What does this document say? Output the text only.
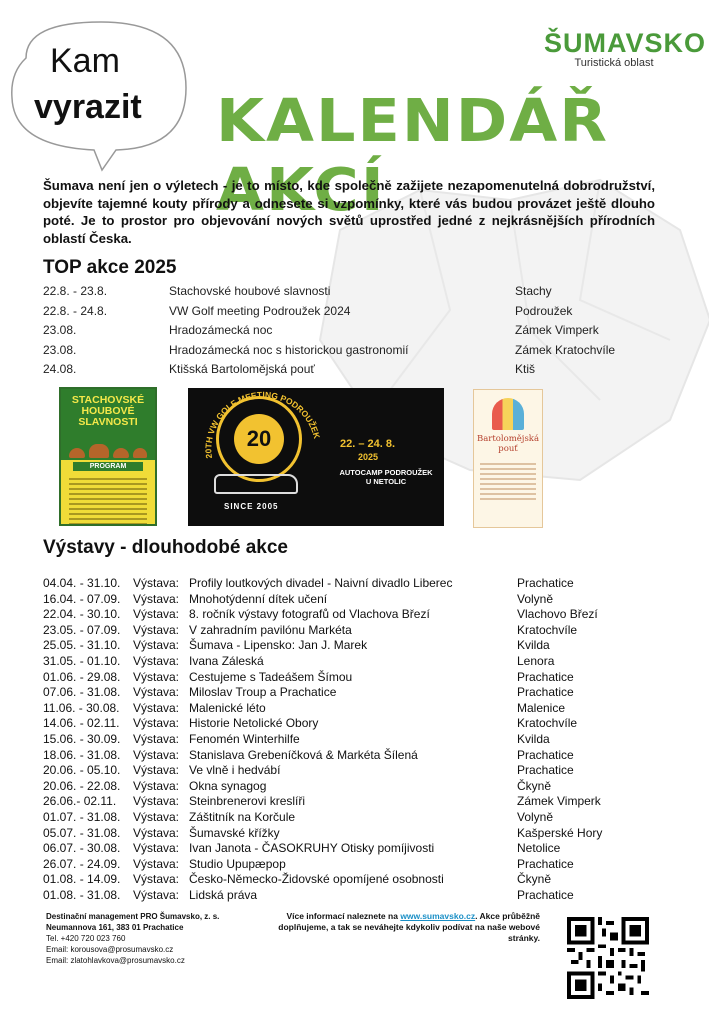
Kam
vyrazit
ŠUMAVSKO
Turistická oblast
KALENDÁŘ AKCÍ
Šumava není jen o výletech - je to místo, kde společně zažijete nezapomenutelná dobrodružství, objevíte tajemné kouty přírody a odnesete si vzpomínky, které vás budou provázet ještě dlouho poté. Je to prostor pro objevování nových světů uprostřed jedné z nejkrásnějších přírodních oblastí Česka.
TOP akce 2025
22.8. - 23.8.	Stachovské houbové slavnosti	Stachy
22.8. - 24.8.	VW Golf meeting Podroužek 2024	Podroužek
23.08.	Hradozámecká noc	Zámek Vimperk
23.08.	Hradozámecká noc s historickou gastronomií	Zámek Kratochvíle
24.08.	Ktišská Bartolomějská pouť	Ktiš
STACHOVSKÉ HOUBOVÉ SLAVNOSTI
PROGRAM
20
20TH VW GOLF MEETING PODROUŽEK
SINCE 2005
22. – 24. 8.
2025
AUTOCAMP PODROUŽEK U NETOLIC
Bartolomějská pouť
Výstavy - dlouhodobé akce
04.04. - 31.10. Výstava: Profily loutkových divadel - Naivní divadlo Liberec	Prachatice
16.04. - 07.09. Výstava: Mnohotýdenní dítek učení	Volyně
22.04. - 30.10. Výstava: 8. ročník výstavy fotografů od Vlachova Březí	Vlachovo Březí
23.05. - 07.09. Výstava: V zahradním pavilónu Markéta	Kratochvíle
25.05. - 31.10. Výstava: Šumava - Lipensko: Jan J. Marek	Kvilda
31.05. - 01.10. Výstava: Ivana Záleská	Lenora
01.06. - 29.08. Výstava: Cestujeme s Tadeášem Šímou	Prachatice
07.06. - 31.08. Výstava: Miloslav Troup a Prachatice	Prachatice
11.06. - 30.08. Výstava: Malenické léto	Malenice
14.06. - 02.11. Výstava: Historie Netolické Obory	Kratochvíle
15.06. - 30.09. Výstava: Fenomén Winterhilfe	Kvilda
18.06. - 31.08. Výstava: Stanislava Grebeníčková & Markéta Šílená	Prachatice
20.06. - 05.10. Výstava: Ve vlně i hedvábí	Prachatice
20.06. - 22.08. Výstava: Okna synagog	Čkyně
26.06.- 02.11. Výstava: Steinbrenerovi kreslíři	Zámek Vimperk
01.07. - 31.08. Výstava: Záštitník na Korčule	Volyně
05.07. - 31.08. Výstava: Šumavské křížky	Kašperské Hory
06.07. - 30.08. Výstava: Ivan Janota - ČASOKRUHY Otisky pomíjivosti	Netolice
26.07. - 24.09. Výstava: Studio Upupæpop	Prachatice
01.08. - 14.09. Výstava: Česko-Německo-Židovské opomíjené osobnosti	Čkyně
01.08. - 31.08. Výstava: Lidská práva	Prachatice
Destinační management PRO Šumavsko, z. s.
Neumannova 161, 383 01 Prachatice
Tel. +420 720 023 760
Email: korousova@prosumavsko.cz
Email: zlatohlavkova@prosumavsko.cz
Více informací naleznete na www.sumavsko.cz. Akce průběžně doplňujeme, a tak se neváhejte kdykoliv podívat na naše webové stránky.
